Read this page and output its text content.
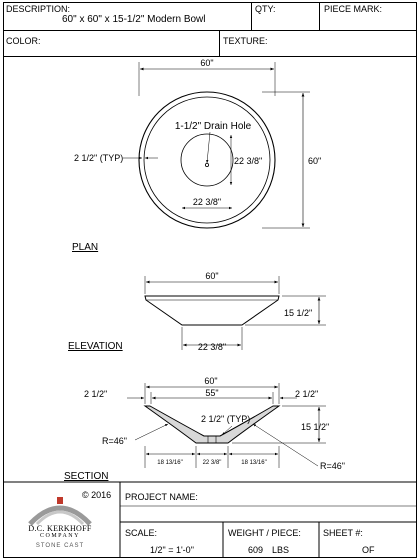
DESCRIPTION:
60" x 60" x 15-1/2" Modern Bowl
QTY:	PIECE MARK:
COLOR:	TEXTURE:
60"
60"
1-1/2" Drain Hole
2 1/2" (TYP)	22 3/8"
22 3/8"
60"
15 1/2"
22 3/8"
60"
55"
2 1/2"	2 1/2"
2 1/2" (TYP)
15 1/2"
R=46"
R=46"
18 13/16"	22 3/8"	18 13/16"
PLAN
ELEVATION
SECTION
© 2016 PROJECT NAME:
SCALE:
1/2" = 1'-0"
WEIGHT / PIECE:
609 LBS
SHEET #:
OF
D.C. KERKHOFF
COMPANY
STONE CAST
